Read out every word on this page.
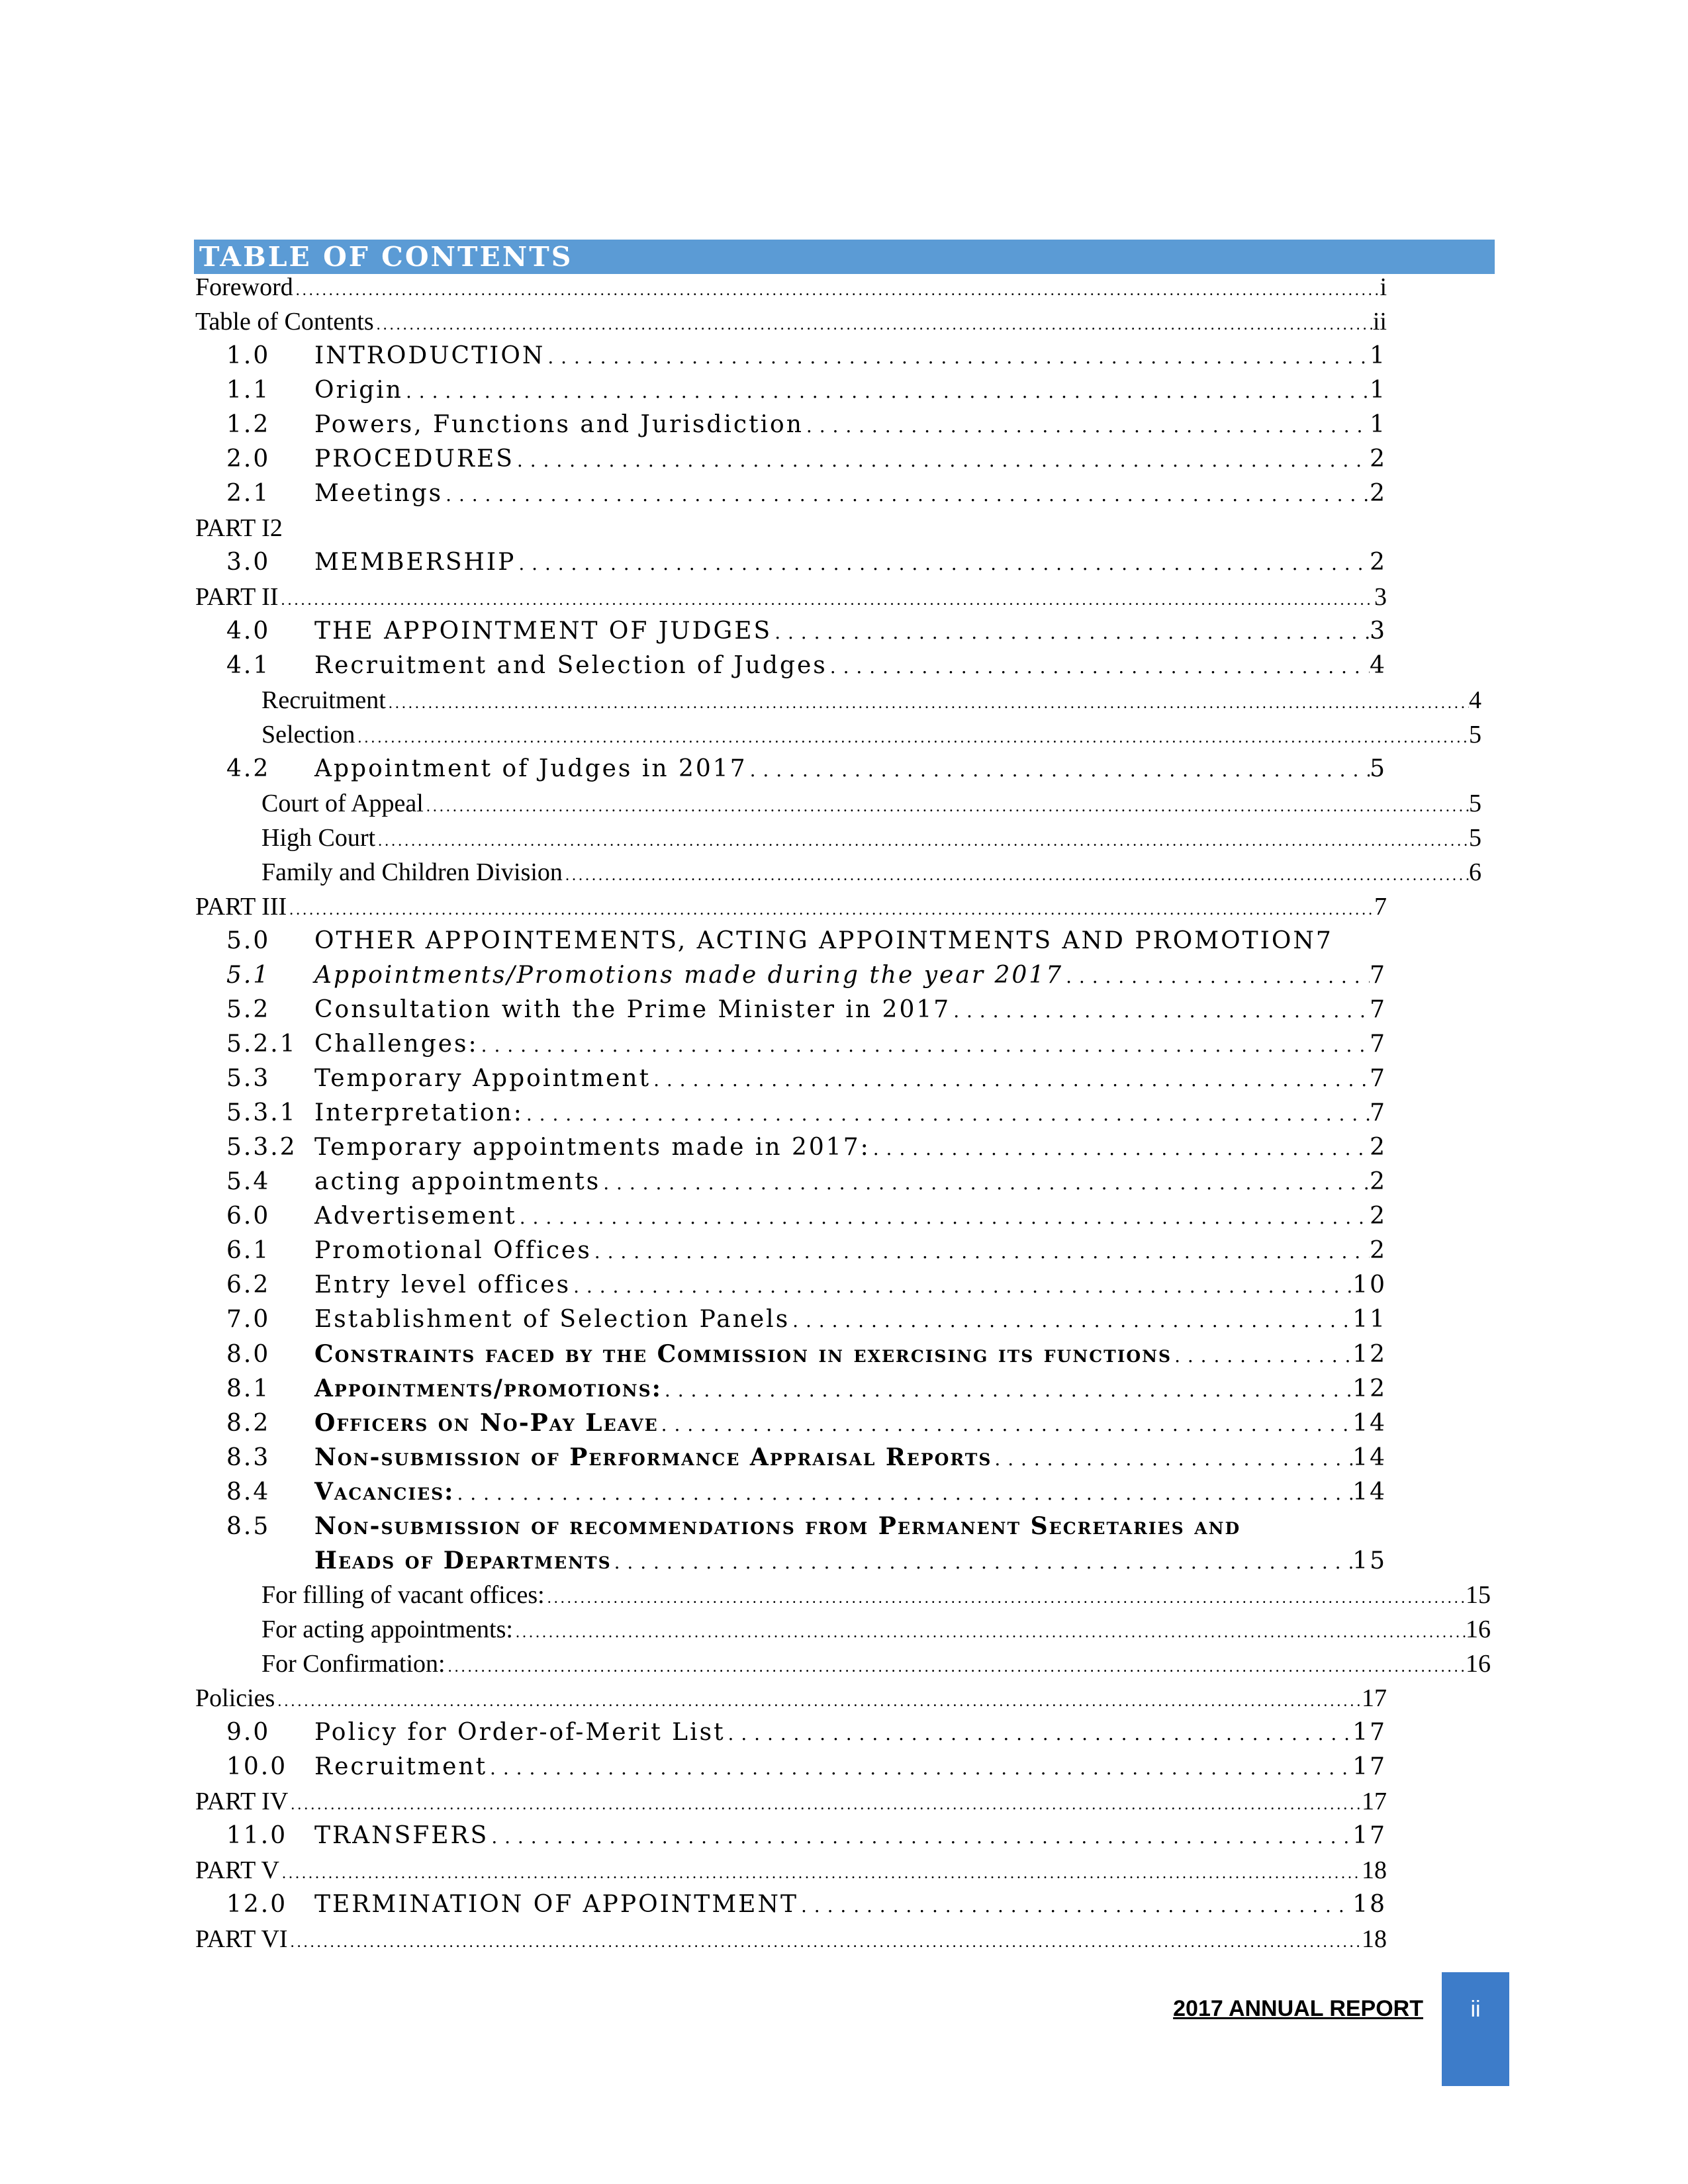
TABLE OF CONTENTS
Foreword . . .	i
Table of Contents . . .	ii
1.0	INTRODUCTION . . .	1
1.1	Origin . . .	1
1.2	Powers, Functions and Jurisdiction . . .	1
2.0	PROCEDURES . . .	2
2.1	Meetings . . .	2
PART I2
3.0	MEMBERSHIP . . .	2
PART II . . .	3
4.0	THE APPOINTMENT OF JUDGES . . .	3
4.1	Recruitment and Selection of Judges . . .	4
Recruitment . . .	4
Selection . . .	5
4.2	Appointment of Judges in 2017 . . .	5
Court of Appeal . . .	5
High Court . . .	5
Family and Children Division . . .	6
PART III . . .	7
5.0	OTHER APPOINTEMENTS, ACTING APPOINTMENTS AND PROMOTION7
5.1	Appointments/Promotions made during the year 2017 . . .	7
5.2	Consultation with the Prime Minister in 2017 . . .	7
5.2.1 Challenges: . . .	7
5.3	Temporary Appointment . . .	7
5.3.1 Interpretation: . . .	7
5.3.2 Temporary appointments made in 2017: . . .	2
5.4	acting appointments . . .	2
6.0	Advertisement . . .	2
6.1	Promotional Offices . . .	2
6.2	Entry level offices . . .	10
7.0	Establishment of Selection Panels . . .	11
8.0	Constraints faced by the Commission in exercising its functions . . .	12
8.1	Appointments/promotions: . . .	12
8.2	Officers on No-Pay Leave . . .	14
8.3	Non-submission of Performance Appraisal Reports . . .	14
8.4	Vacancies: . . .	14
8.5	Non-submission of recommendations from Permanent Secretaries and
Heads of Departments . . .	15
For filling of vacant offices: . . .	15
For acting appointments: . . .	16
For Confirmation: . . .	16
Policies . . .	17
9.0	Policy for Order-of-Merit List . . .	17
10.0	Recruitment . . .	17
PART IV . . .	17
11.0	TRANSFERS . . .	17
PART V . . .	18
12.0	TERMINATION OF APPOINTMENT . . .	18
PART VI . . .	18
2017 ANNUAL REPORT	ii
